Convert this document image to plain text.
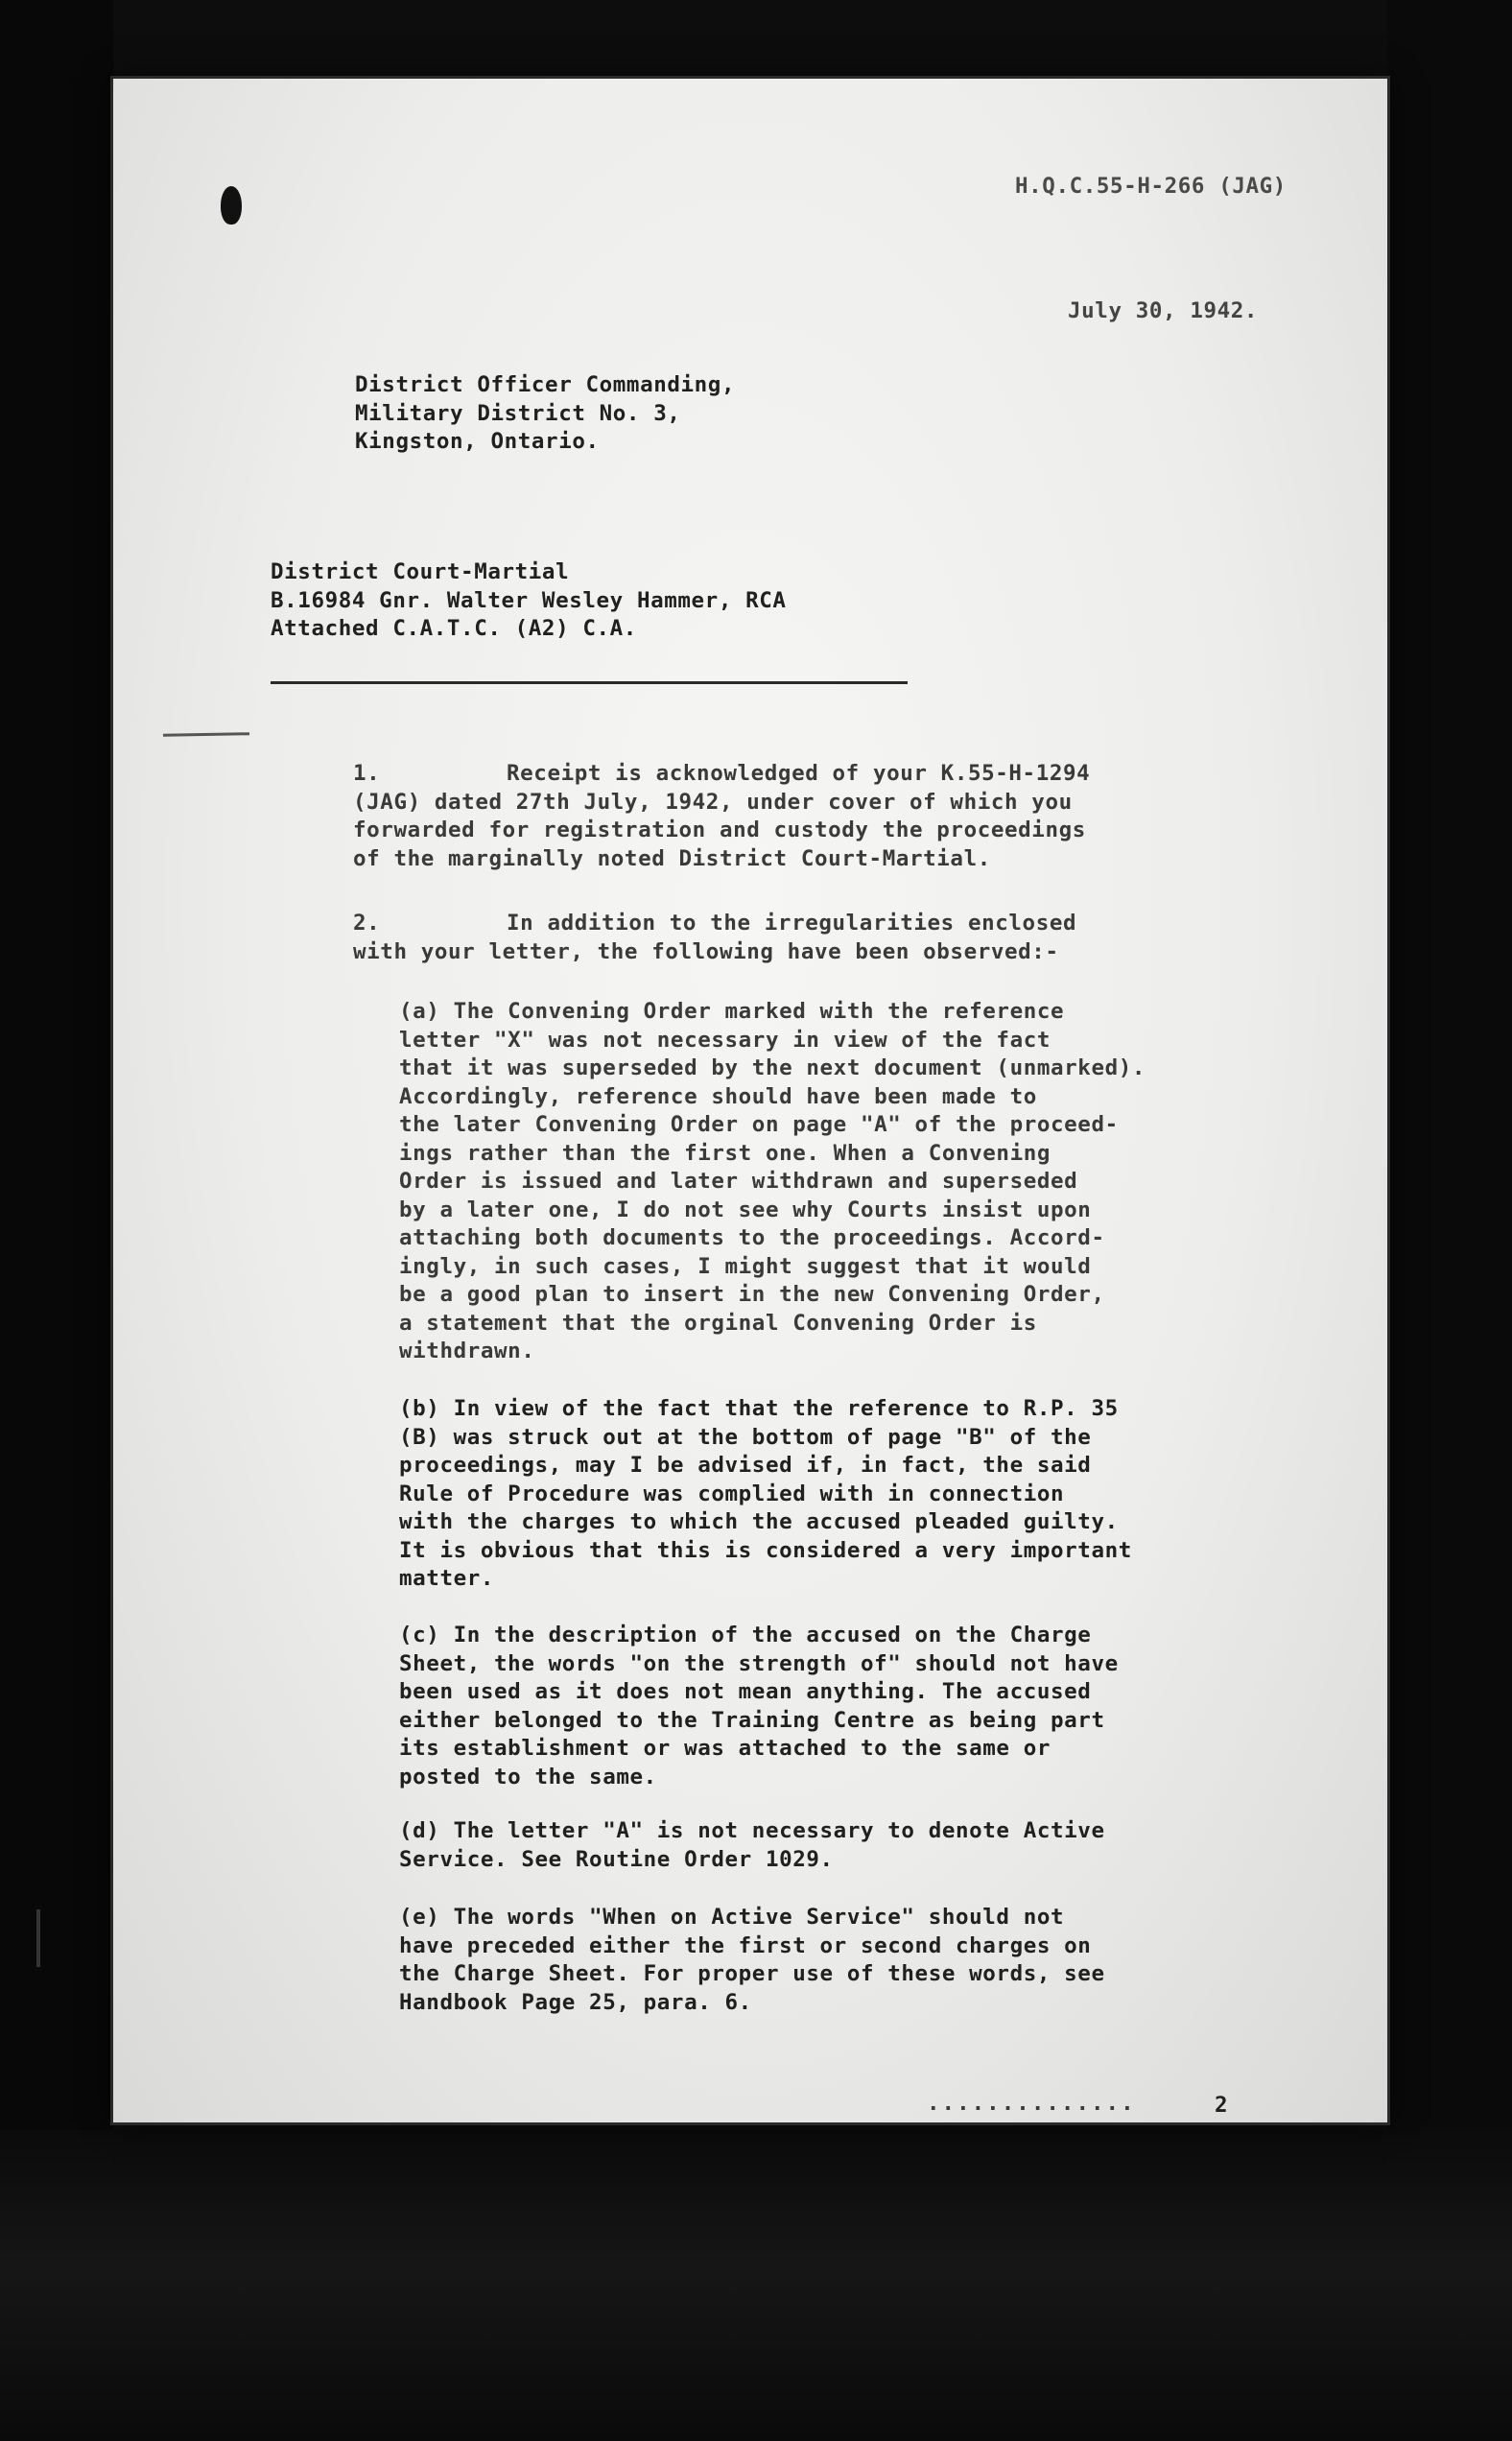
H.Q.C.55-H-266 (JAG)

July 30, 1942.

District Officer Commanding,
Military District No. 3,
Kingston, Ontario.
District Court-Martial
B.16984 Gnr. Walter Wesley Hammer, RCA
Attached C.A.T.C. (A2) C.A.
1.	Receipt is acknowledged of your K.55-H-1294
(JAG) dated 27th July, 1942, under cover of which you
forwarded for registration and custody the proceedings
of the marginally noted District Court-Martial.
2.	In addition to the irregularities enclosed
with your letter, the following have been observed:-
(a) The Convening Order marked with the reference
letter "X" was not necessary in view of the fact
that it was superseded by the next document (unmarked).
Accordingly, reference should have been made to
the later Convening Order on page "A" of the proceed-
ings rather than the first one. When a Convening
Order is issued and later withdrawn and superseded
by a later one, I do not see why Courts insist upon
attaching both documents to the proceedings. Accord-
ingly, in such cases, I might suggest that it would
be a good plan to insert in the new Convening Order,
a statement that the orginal Convening Order is
withdrawn.
(b) In view of the fact that the reference to R.P. 35
(B) was struck out at the bottom of page "B" of the
proceedings, may I be advised if, in fact, the said
Rule of Procedure was complied with in connection
with the charges to which the accused pleaded guilty.
It is obvious that this is considered a very important
matter.
(c) In the description of the accused on the Charge
Sheet, the words "on the strength of" should not have
been used as it does not mean anything. The accused
either belonged to the Training Centre as being part
its establishment or was attached to the same or
posted to the same.
(d) The letter "A" is not necessary to denote Active
Service. See Routine Order 1029.
(e) The words "When on Active Service" should not
have preceded either the first or second charges on
the Charge Sheet. For proper use of these words, see
Handbook Page 25, para. 6.

..............	2
